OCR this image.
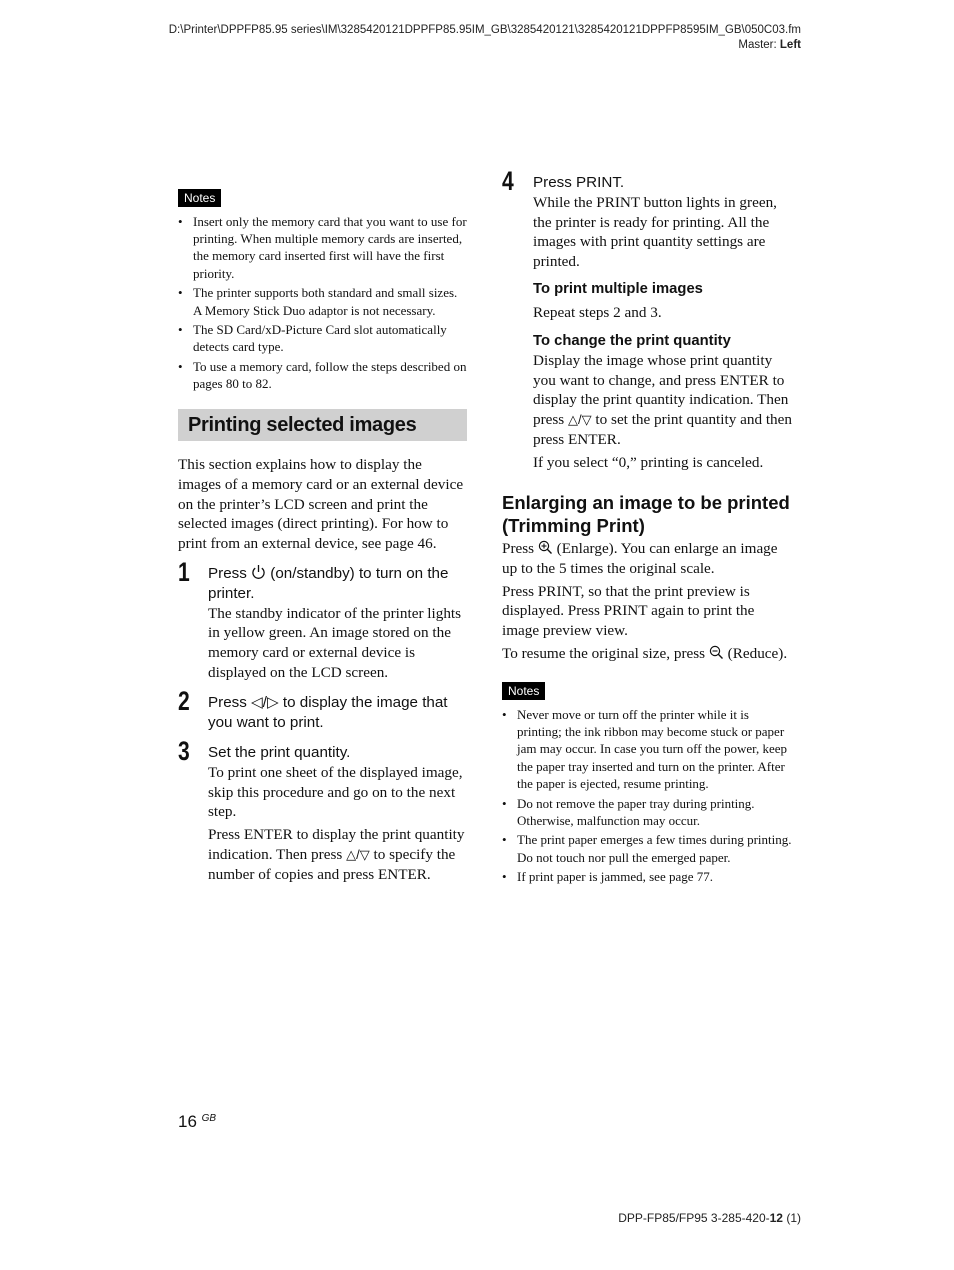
D:\Printer\DPPFP85.95 series\IM\3285420121DPPFP85.95IM_GB\3285420121\3285420121DPPFP8595IM_GB\050C03.fm
Master: Left
Notes
• Insert only the memory card that you want to use for printing. When multiple memory cards are inserted, the memory card inserted first will have the first priority.
• The printer supports both standard and small sizes. A Memory Stick Duo adaptor is not necessary.
• The SD Card/xD-Picture Card slot automatically detects card type.
• To use a memory card, follow the steps described on pages 80 to 82.
Printing selected images
This section explains how to display the images of a memory card or an external device on the printer’s LCD screen and print the selected images (direct printing). For how to print from an external device, see page 46.
1 Press (on/standby) to turn on the printer.

The standby indicator of the printer lights in yellow green. An image stored on the memory card or external device is displayed on the LCD screen.

2 Press ◁/▷ to display the image that you want to print.
3 Set the print quantity.

To print one sheet of the displayed image, skip this procedure and go on to the next step.

Press ENTER to display the print quantity indication. Then press △/▽ to specify the number of copies and press ENTER.

4 Press PRINT.

While the PRINT button lights in green, the printer is ready for printing. All the images with print quantity settings are printed.

To print multiple images

Repeat steps 2 and 3.

To change the print quantity

Display the image whose print quantity you want to change, and press ENTER to display the print quantity indication. Then press △/▽ to set the print quantity and then press ENTER.

If you select “0,” printing is canceled.

Enlarging an image to be printed (Trimming Print)

Press (Enlarge). You can enlarge an image up to the 5 times the original scale.

Press PRINT, so that the print preview is displayed. Press PRINT again to print the image preview view.

To resume the original size, press (Reduce).

Notes
• Never move or turn off the printer while it is printing; the ink ribbon may become stuck or paper jam may occur. In case you turn off the power, keep the paper tray inserted and turn on the printer. After the paper is ejected, resume printing.
• Do not remove the paper tray during printing. Otherwise, malfunction may occur.
• The print paper emerges a few times during printing. Do not touch nor pull the emerged paper.
• If print paper is jammed, see page 77.
16 $^{GB}$
DPP-FP85/FP95 3-285-420-12 (1)
